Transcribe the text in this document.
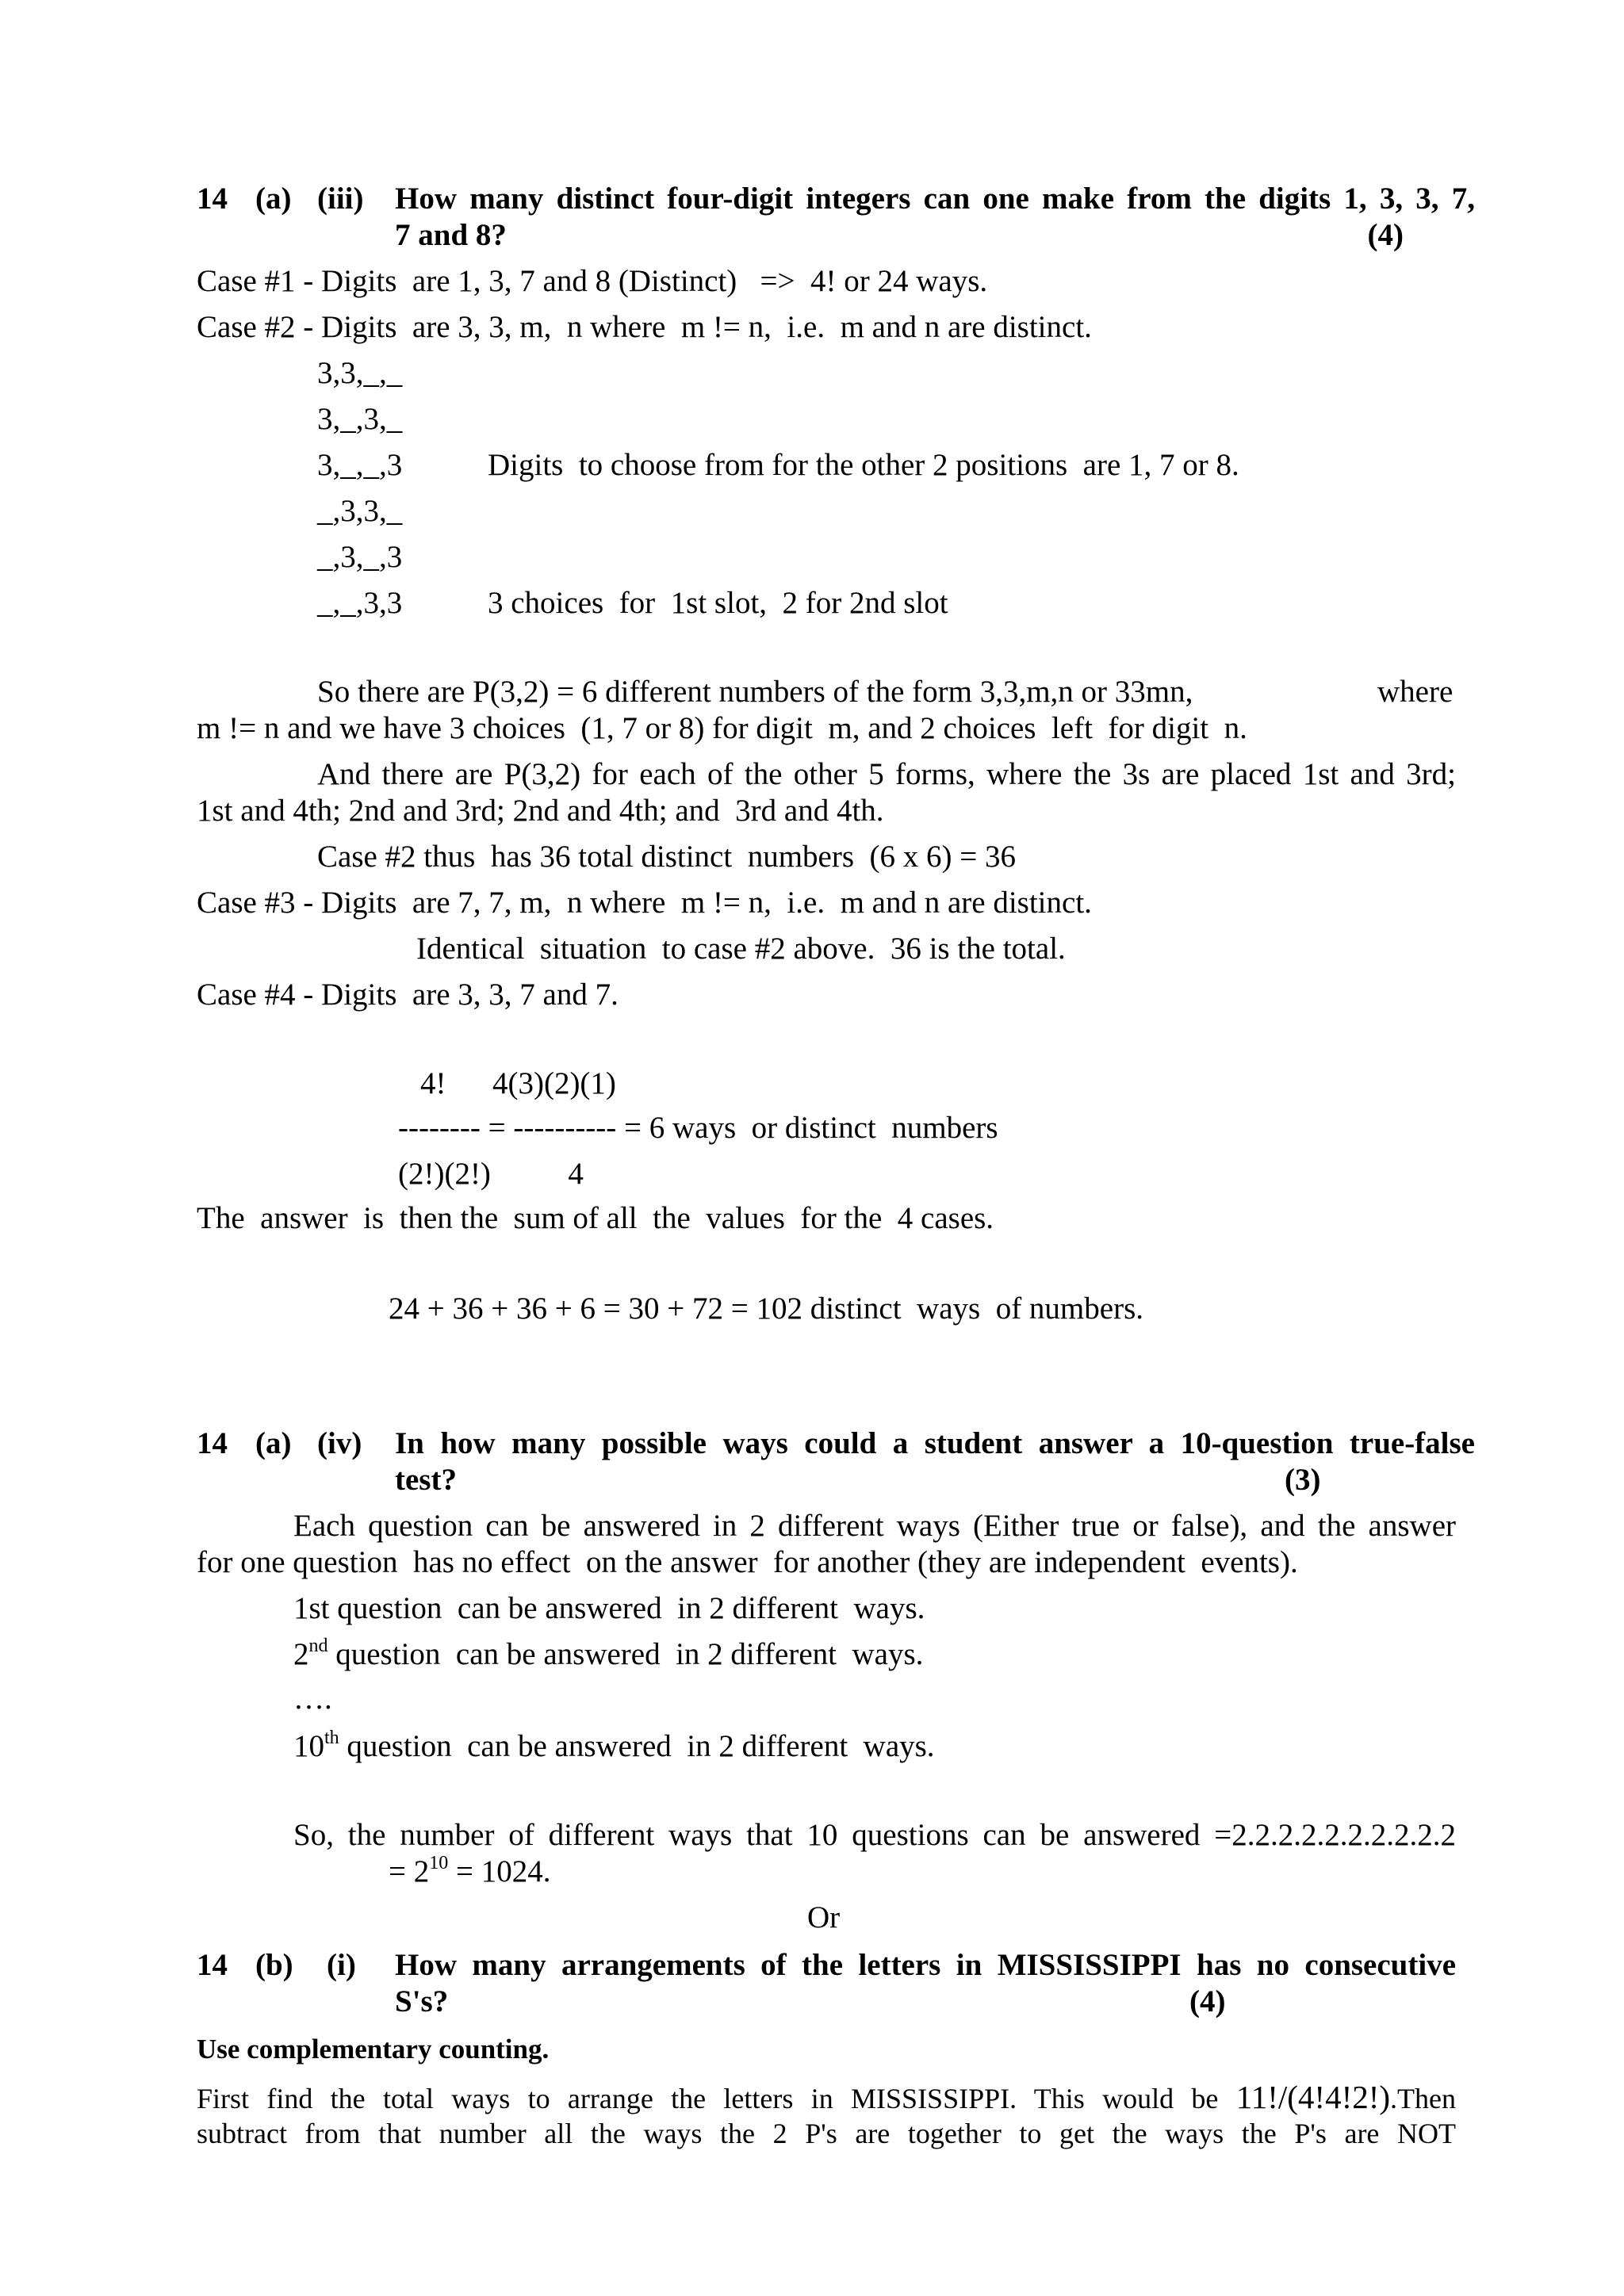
14 (a) (iii) How many distinct four-digit integers can one make from the digits 1, 3, 3, 7,
7 and 8?	(4)
Case #1 - Digits  are 1, 3, 7 and 8 (Distinct)   =>  4! or 24 ways.
Case #2 - Digits  are 3, 3, m,  n where  m != n,  i.e.  m and n are distinct.
3,3,_,_
3,_,3,_
3,_,_,3	Digits  to choose from for the other 2 positions  are 1, 7 or 8.
_,3,3,_
_,3,_,3
_,_,3,3	3 choices  for  1st slot,  2 for 2nd slot
So there are P(3,2) = 6 different numbers of the form 3,3,m,n or 33mn,	where
m != n and we have 3 choices  (1, 7 or 8) for digit  m, and 2 choices  left  for digit  n.
And there are P(3,2) for each of the other 5 forms, where the 3s are placed 1st and 3rd;
1st and 4th; 2nd and 3rd; 2nd and 4th; and  3rd and 4th.
Case #2 thus  has 36 total distinct  numbers  (6 x 6) = 36
Case #3 - Digits  are 7, 7, m,  n where  m != n,  i.e.  m and n are distinct.
Identical  situation  to case #2 above.  36 is the total.
Case #4 - Digits  are 3, 3, 7 and 7.
4!      4(3)(2)(1)
-------- = ---------- = 6 ways  or distinct  numbers
(2!)(2!)          4
The  answer  is  then the  sum of all  the  values  for the  4 cases.
24 + 36 + 36 + 6 = 30 + 72 = 102 distinct  ways  of numbers.
14 (a) (iv) In how many possible ways could a student answer a 10-question true-false
test?	(3)
Each question can be answered in 2 different ways (Either true or false), and the answer
for one question  has no effect  on the answer  for another (they are independent  events).
1st question  can be answered  in 2 different  ways.
2nd question  can be answered  in 2 different  ways.
….
10th question  can be answered  in 2 different  ways.
So, the number of different ways that 10 questions can be answered =2.2.2.2.2.2.2.2.2.2
= $2^{10} = 1024$.
Or
14 (b) (i) How many arrangements of the letters in MISSISSIPPI has no consecutive
S's?	(4)
Use complementary counting.
First find the total ways to arrange the letters in MISSISSIPPI. This would be 11!/(4!4!2!).Then
subtract from that number all the ways the 2 P's are together to get the ways the P's are NOT
